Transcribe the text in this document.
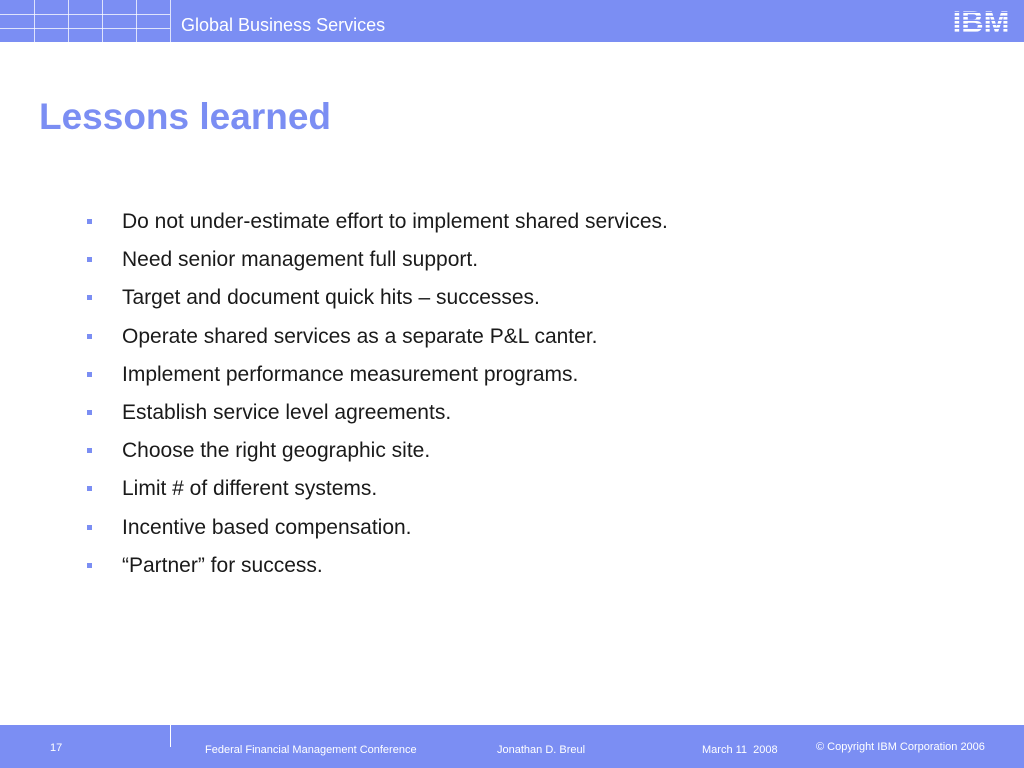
Global Business Services	IBM
Lessons learned
Do not under-estimate effort to implement shared services.
Need senior management full support.
Target and document quick hits – successes.
Operate shared services as a separate P&L canter.
Implement performance measurement programs.
Establish service level agreements.
Choose the right geographic site.
Limit # of different systems.
Incentive based compensation.
“Partner” for success.
17	Federal Financial Management Conference	Jonathan D. Breul	March 11  2008	© Copyright IBM Corporation 2006
